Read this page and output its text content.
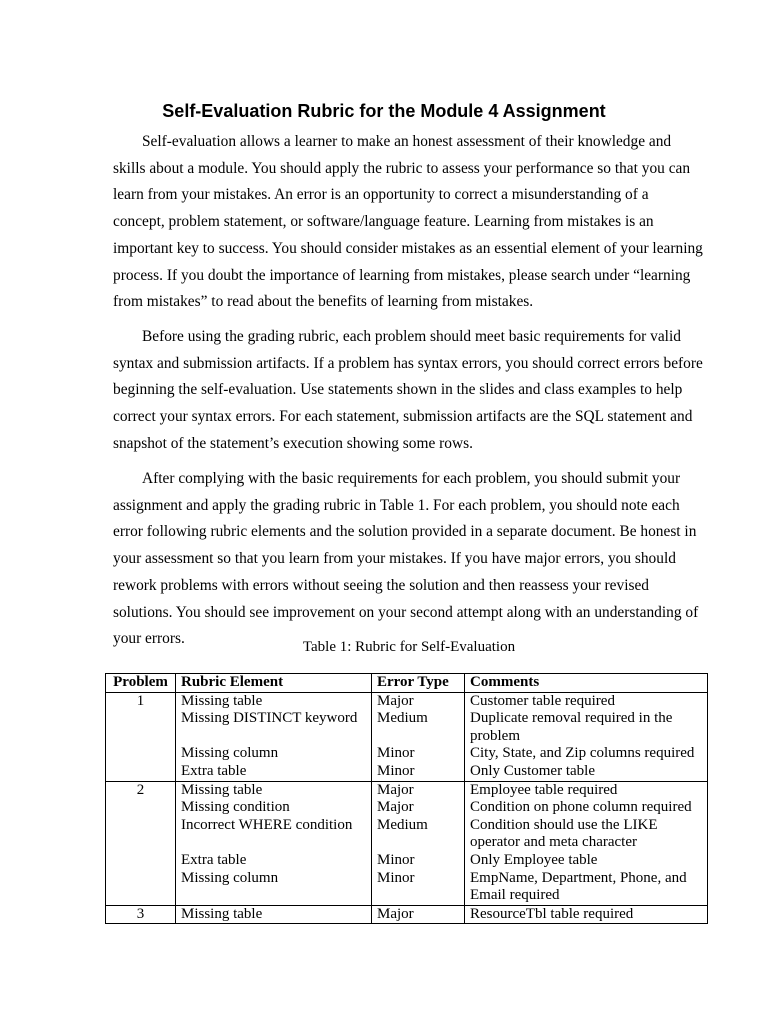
Self-Evaluation Rubric for the Module 4 Assignment

Self-evaluation allows a learner to make an honest assessment of their knowledge and skills about a module. You should apply the rubric to assess your performance so that you can learn from your mistakes. An error is an opportunity to correct a misunderstanding of a concept, problem statement, or software/language feature. Learning from mistakes is an important key to success. You should consider mistakes as an essential element of your learning process. If you doubt the importance of learning from mistakes, please search under “learning from mistakes” to read about the benefits of learning from mistakes.

Before using the grading rubric, each problem should meet basic requirements for valid syntax and submission artifacts. If a problem has syntax errors, you should correct errors before beginning the self-evaluation. Use statements shown in the slides and class examples to help correct your syntax errors. For each statement, submission artifacts are the SQL statement and snapshot of the statement’s execution showing some rows.

After complying with the basic requirements for each problem, you should submit your assignment and apply the grading rubric in Table 1. For each problem, you should note each error following rubric elements and the solution provided in a separate document. Be honest in your assessment so that you learn from your mistakes. If you have major errors, you should rework problems with errors without seeing the solution and then reassess your revised solutions. You should see improvement on your second attempt along with an understanding of your errors.	Table 1: Rubric for Self-Evaluation

Problem	Rubric Element	Error Type	Comments
1	Missing table	Major	Customer table required
	Missing DISTINCT keyword	Medium	Duplicate removal required in the problem
	Missing column	Minor	City, State, and Zip columns required
	Extra table	Minor	Only Customer table
2	Missing table	Major	Employee table required
	Missing condition	Major	Condition on phone column required
	Incorrect WHERE condition	Medium	Condition should use the LIKE operator and meta character
	Extra table	Minor	Only Employee table
	Missing column	Minor	EmpName, Department, Phone, and Email required
3	Missing table	Major	ResourceTbl table required
